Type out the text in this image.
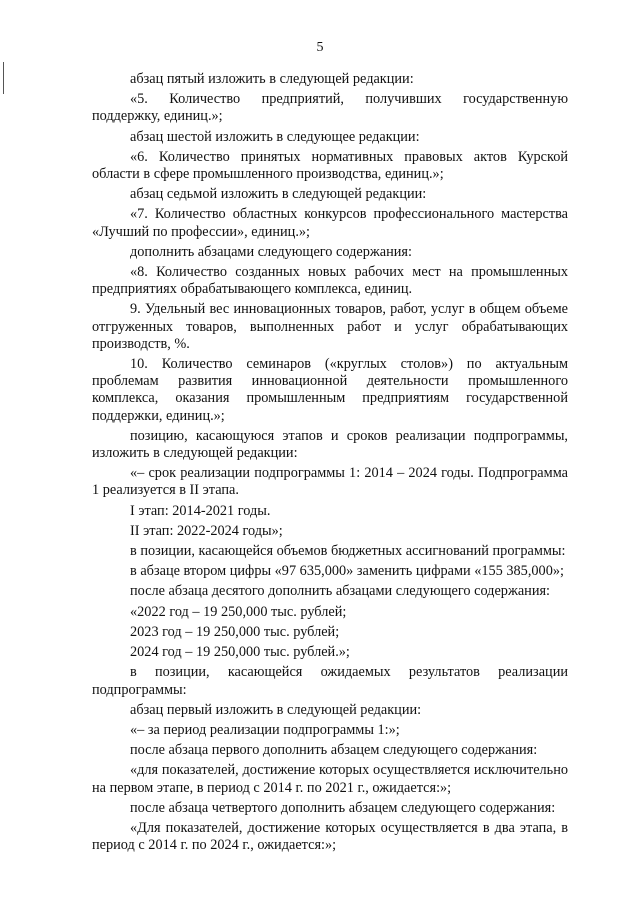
5

абзац пятый изложить в следующей редакции:

«5. Количество предприятий, получивших государственную поддержку, единиц.»;

абзац шестой изложить в следующее редакции:

«6. Количество принятых нормативных правовых актов Курской области в сфере промышленного производства, единиц.»;

абзац седьмой изложить в следующей редакции:

«7. Количество областных конкурсов профессионального мастерства «Лучший по профессии», единиц.»;

дополнить абзацами следующего содержания:

«8. Количество созданных новых рабочих мест на промышленных предприятиях обрабатывающего комплекса, единиц.

9. Удельный вес инновационных товаров, работ, услуг в общем объеме отгруженных товаров, выполненных работ и услуг обрабатывающих производств, %.

10. Количество семинаров («круглых столов») по актуальным проблемам развития инновационной деятельности промышленного комплекса, оказания промышленным предприятиям государственной поддержки, единиц.»;

позицию, касающуюся этапов и сроков реализации подпрограммы, изложить в следующей редакции:

«– срок реализации подпрограммы 1: 2014 – 2024 годы. Подпрограмма 1 реализуется в II этапа.

I этап: 2014-2021 годы.

II этап: 2022-2024 годы»;

в позиции, касающейся объемов бюджетных ассигнований программы:

в абзаце втором цифры «97 635,000» заменить цифрами «155 385,000»;

после абзаца десятого дополнить абзацами следующего содержания:

«2022 год – 19 250,000 тыс. рублей;

2023 год – 19 250,000 тыс. рублей;

2024 год – 19 250,000 тыс. рублей.»;

в позиции, касающейся ожидаемых результатов реализации подпрограммы:

абзац первый изложить в следующей редакции:

«– за период реализации подпрограммы 1:»;

после абзаца первого дополнить абзацем следующего содержания:

«для показателей, достижение которых осуществляется исключительно на первом этапе, в период с 2014 г. по 2021 г., ожидается:»;

после абзаца четвертого дополнить абзацем следующего содержания:

«Для показателей, достижение которых осуществляется в два этапа, в период с 2014 г. по 2024 г., ожидается:»;
